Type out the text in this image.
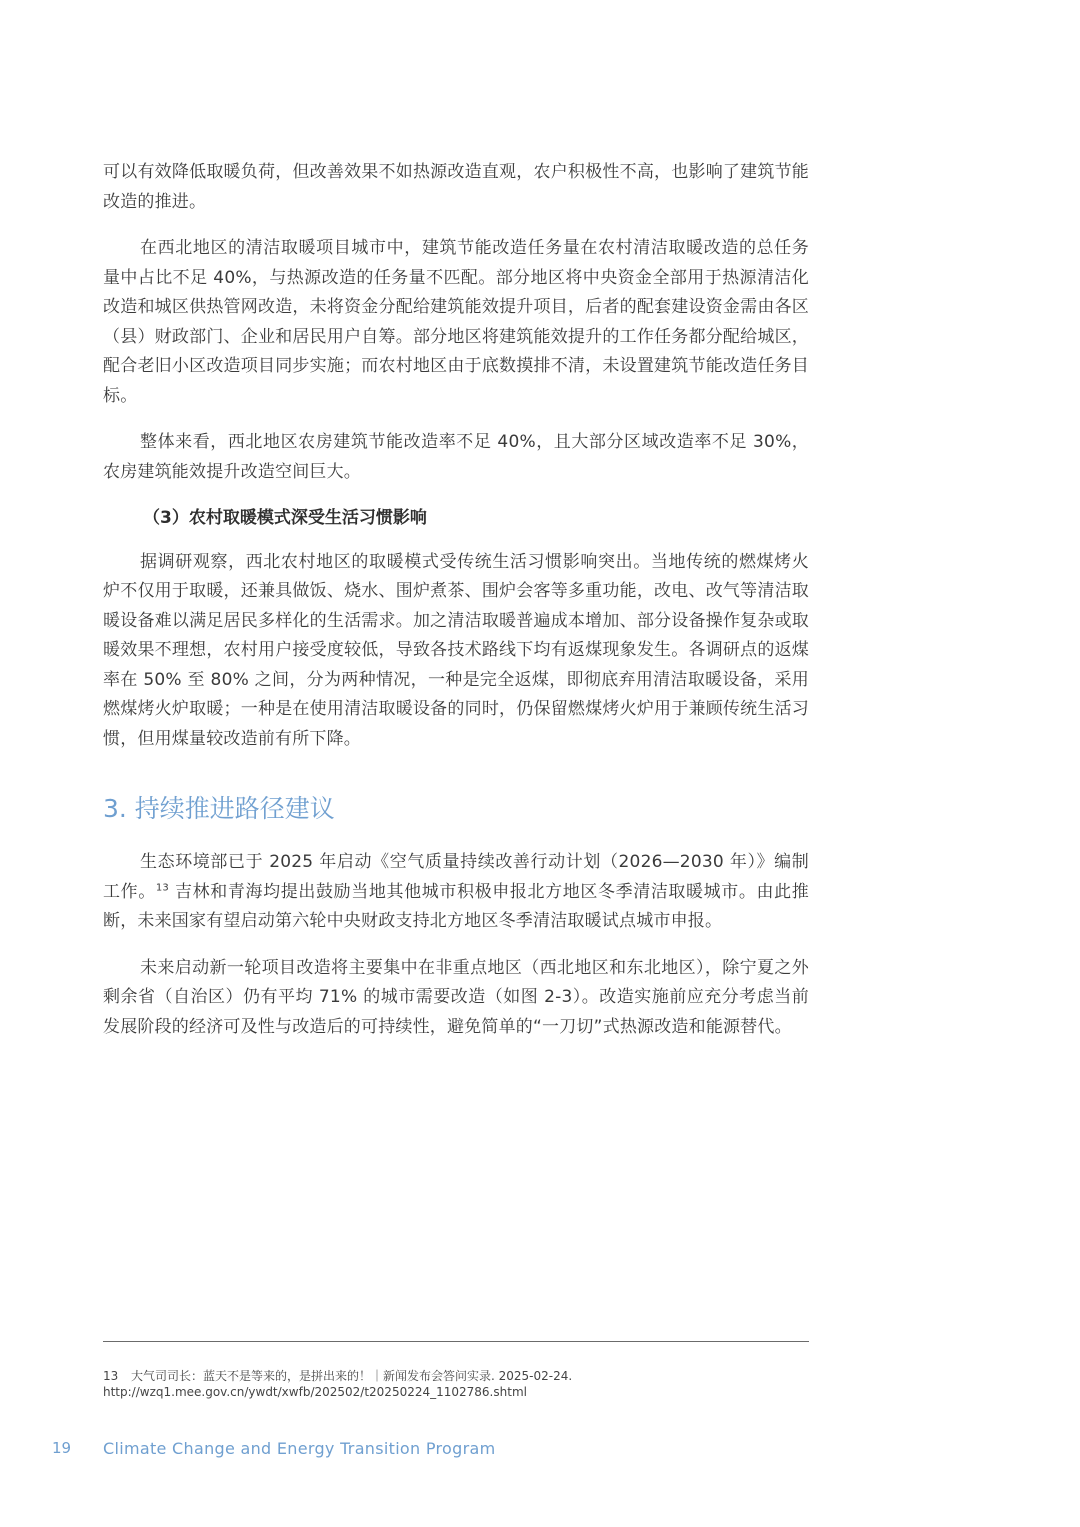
可以有效降低取暖负荷，但改善效果不如热源改造直观，农户积极性不高，也影响了建筑节能改造的推进。

在西北地区的清洁取暖项目城市中，建筑节能改造任务量在农村清洁取暖改造的总任务量中占比不足 40%，与热源改造的任务量不匹配。部分地区将中央资金全部用于热源清洁化改造和城区供热管网改造，未将资金分配给建筑能效提升项目，后者的配套建设资金需由各区（县）财政部门、企业和居民用户自筹。部分地区将建筑能效提升的工作任务都分配给城区，配合老旧小区改造项目同步实施；而农村地区由于底数摸排不清，未设置建筑节能改造任务目标。

整体来看，西北地区农房建筑节能改造率不足 40%，且大部分区域改造率不足 30%，农房建筑能效提升改造空间巨大。

（3）农村取暖模式深受生活习惯影响

据调研观察，西北农村地区的取暖模式受传统生活习惯影响突出。当地传统的燃煤烤火炉不仅用于取暖，还兼具做饭、烧水、围炉煮茶、围炉会客等多重功能，改电、改气等清洁取暖设备难以满足居民多样化的生活需求。加之清洁取暖普遍成本增加、部分设备操作复杂或取暖效果不理想，农村用户接受度较低，导致各技术路线下均有返煤现象发生。各调研点的返煤率在 50% 至 80% 之间，分为两种情况，一种是完全返煤，即彻底弃用清洁取暖设备，采用燃煤烤火炉取暖；一种是在使用清洁取暖设备的同时，仍保留燃煤烤火炉用于兼顾传统生活习惯，但用煤量较改造前有所下降。

3. 持续推进路径建议

生态环境部已于 2025 年启动《空气质量持续改善行动计划（2026—2030 年）》编制工作。$^{13}$ 吉林和青海均提出鼓励当地其他城市积极申报北方地区冬季清洁取暖城市。由此推断，未来国家有望启动第六轮中央财政支持北方地区冬季清洁取暖试点城市申报。

未来启动新一轮项目改造将主要集中在非重点地区（西北地区和东北地区），除宁夏之外剩余省（自治区）仍有平均 71% 的城市需要改造（如图 2-3）。改造实施前应充分考虑当前发展阶段的经济可及性与改造后的可持续性，避免简单的“一刀切”式热源改造和能源替代。

13 大气司司长：蓝天不是等来的，是拼出来的！｜新闻发布会答问实录. 2025-02-24. http://wzq1.mee.gov.cn/ywdt/xwfb/202502/t20250224_1102786.shtml
19 Climate Change and Energy Transition Program
